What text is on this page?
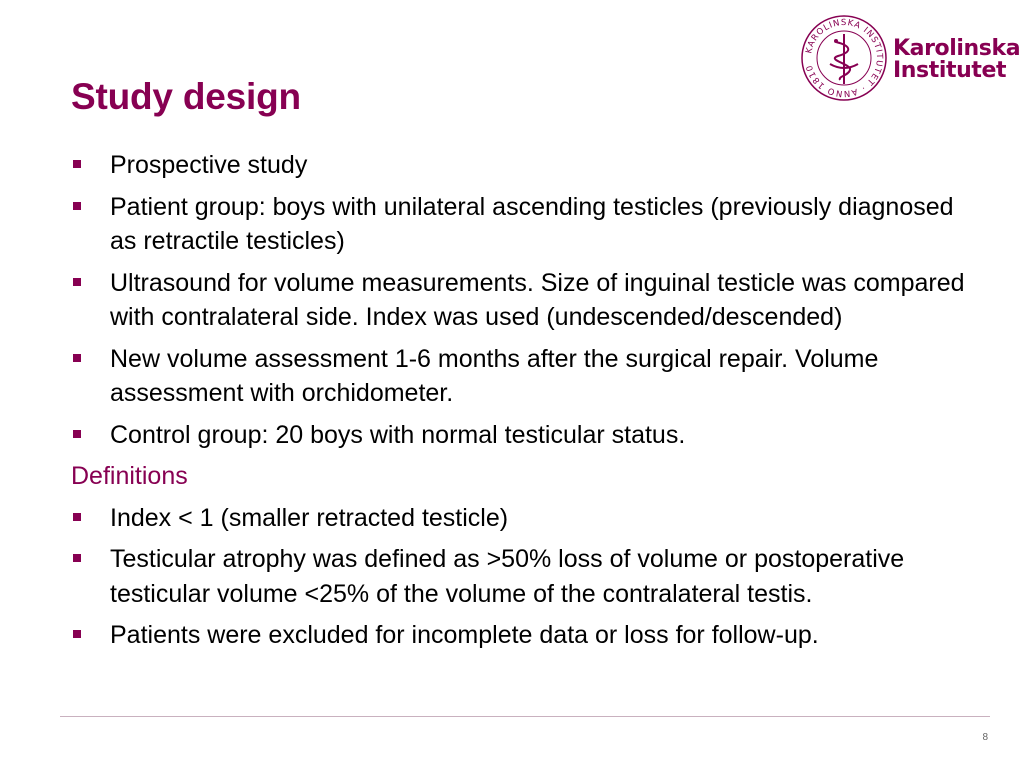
Study design
KAROLINSKA INSTITUTET · ANNO 1810
Karolinska
Institutet
Prospective study
Patient group: boys with unilateral ascending testicles (previously diagnosed as retractile testicles)
Ultrasound for volume measurements. Size of inguinal testicle was compared with contralateral side. Index was used (undescended/descended)
New volume assessment 1-6 months after the surgical repair. Volume assessment with orchidometer.
Control group: 20 boys with normal testicular status.
Definitions
Index < 1 (smaller retracted testicle)
Testicular atrophy was defined as >50% loss of volume or postoperative testicular volume <25% of the volume of the contralateral testis.
Patients were excluded for incomplete data or loss for follow-up.
8
